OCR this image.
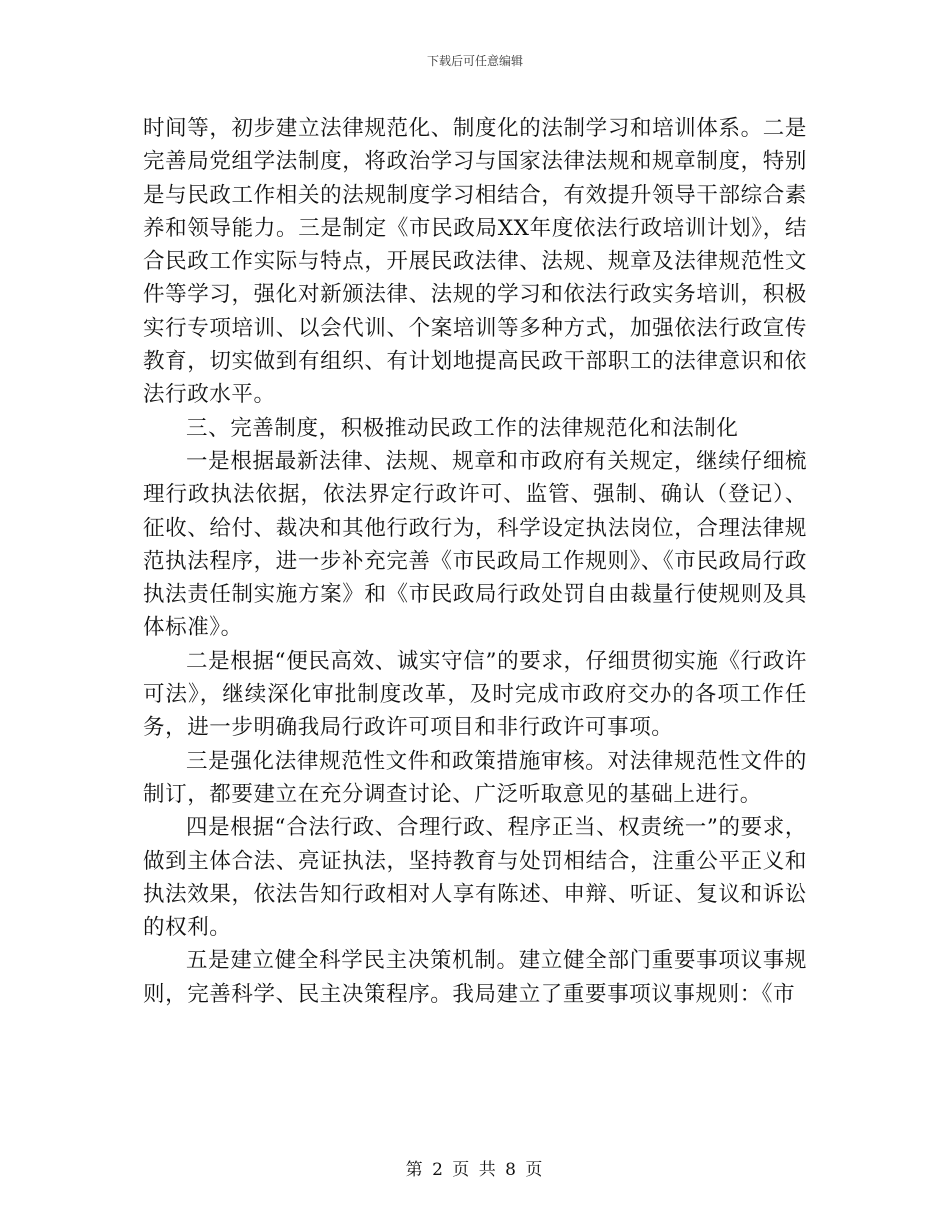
下载后可任意编辑

时间等，初步建立法律规范化、制度化的法制学习和培训体系。二是完善局党组学法制度，将政治学习与国家法律法规和规章制度，特别是与民政工作相关的法规制度学习相结合，有效提升领导干部综合素养和领导能力。三是制定《市民政局XX年度依法行政培训计划》，结合民政工作实际与特点，开展民政法律、法规、规章及法律规范性文件等学习，强化对新颁法律、法规的学习和依法行政实务培训，积极实行专项培训、以会代训、个案培训等多种方式，加强依法行政宣传教育，切实做到有组织、有计划地提高民政干部职工的法律意识和依法行政水平。

三、完善制度，积极推动民政工作的法律规范化和法制化

一是根据最新法律、法规、规章和市政府有关规定，继续仔细梳理行政执法依据，依法界定行政许可、监管、强制、确认（登记）、征收、给付、裁决和其他行政行为，科学设定执法岗位，合理法律规范执法程序，进一步补充完善《市民政局工作规则》、《市民政局行政执法责任制实施方案》和《市民政局行政处罚自由裁量行使规则及具体标准》。

二是根据“便民高效、诚实守信”的要求，仔细贯彻实施《行政许可法》，继续深化审批制度改革，及时完成市政府交办的各项工作任务，进一步明确我局行政许可项目和非行政许可事项。

三是强化法律规范性文件和政策措施审核。对法律规范性文件的制订，都要建立在充分调查讨论、广泛听取意见的基础上进行。

四是根据“合法行政、合理行政、程序正当、权责统一”的要求，做到主体合法、亮证执法，坚持教育与处罚相结合，注重公平正义和执法效果，依法告知行政相对人享有陈述、申辩、听证、复议和诉讼的权利。

五是建立健全科学民主决策机制。建立健全部门重要事项议事规则，完善科学、民主决策程序。我局建立了重要事项议事规则：《市

第 2 页 共 8 页
